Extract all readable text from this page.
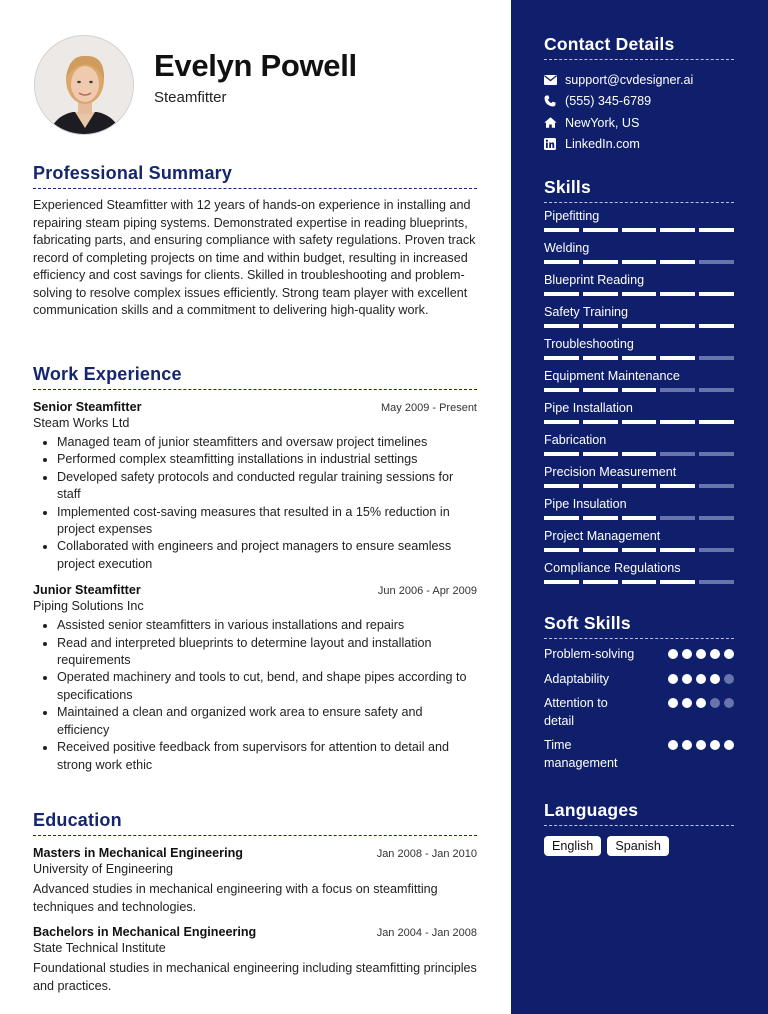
Evelyn Powell
Steamfitter
Professional Summary

Experienced Steamfitter with 12 years of hands-on experience in installing and repairing steam piping systems. Demonstrated expertise in reading blueprints, fabricating parts, and ensuring compliance with safety regulations. Proven track record of completing projects on time and within budget, resulting in increased efficiency and cost savings for clients. Skilled in troubleshooting and problem-solving to resolve complex issues efficiently. Strong team player with excellent communication skills and a commitment to delivering high-quality work.

Work Experience
Senior Steamfitter	May 2009 - Present
Steam Works Ltd
• Managed team of junior steamfitters and oversaw project timelines
• Performed complex steamfitting installations in industrial settings
• Developed safety protocols and conducted regular training sessions for staff
• Implemented cost-saving measures that resulted in a 15% reduction in project expenses
• Collaborated with engineers and project managers to ensure seamless project execution
Junior Steamfitter	Jun 2006 - Apr 2009
Piping Solutions Inc
• Assisted senior steamfitters in various installations and repairs
• Read and interpreted blueprints to determine layout and installation requirements
• Operated machinery and tools to cut, bend, and shape pipes according to specifications
• Maintained a clean and organized work area to ensure safety and efficiency
• Received positive feedback from supervisors for attention to detail and strong work ethic
Education
Masters in Mechanical Engineering	Jan 2008 - Jan 2010
University of Engineering

Advanced studies in mechanical engineering with a focus on steamfitting techniques and technologies.

Bachelors in Mechanical Engineering	Jan 2004 - Jan 2008
State Technical Institute

Foundational studies in mechanical engineering including steamfitting principles and practices.

Contact Details
support@cvdesigner.ai
(555) 345-6789
NewYork, US
LinkedIn.com
Skills
Pipefitting
Welding
Blueprint Reading
Safety Training
Troubleshooting
Equipment Maintenance
Pipe Installation
Fabrication
Precision Measurement
Pipe Insulation
Project Management
Compliance Regulations
Soft Skills
Problem-solving
Adaptability
Attention to detail
Time management
Languages
English	Spanish
